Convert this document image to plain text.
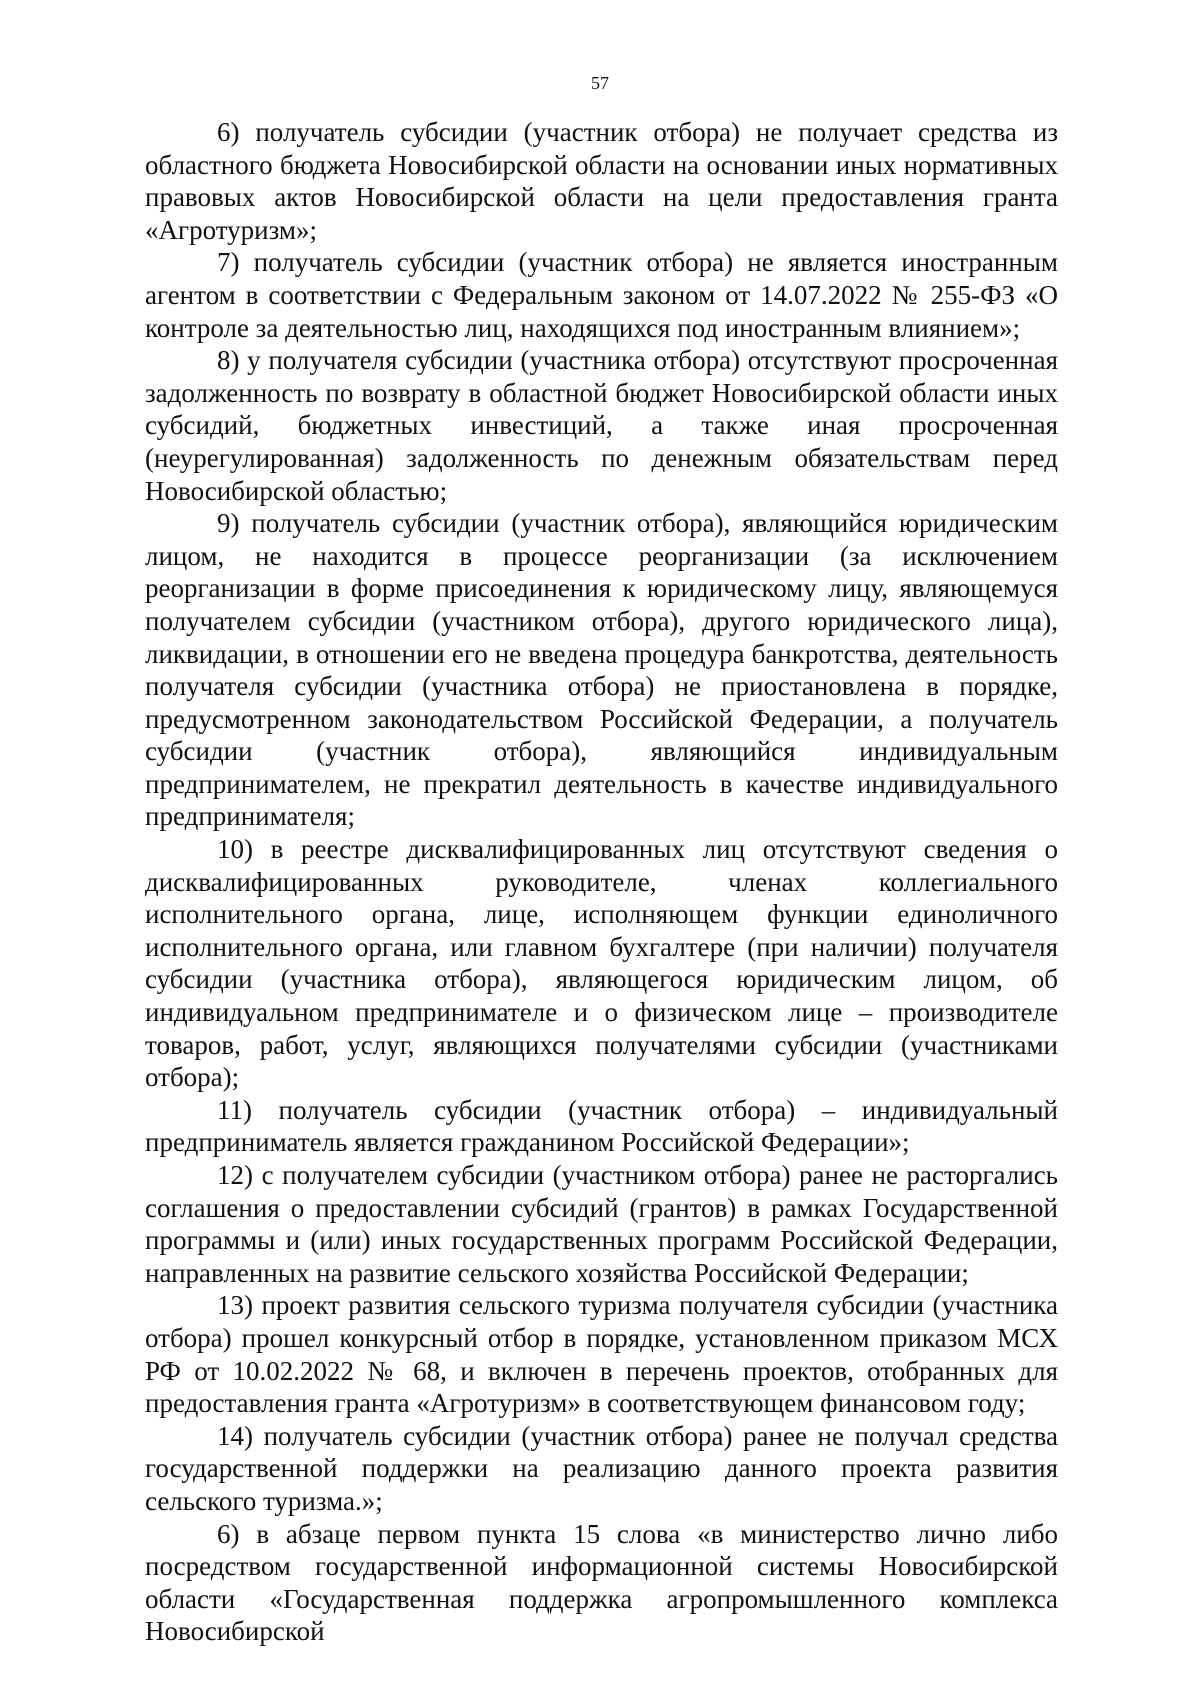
57

6) получатель субсидии (участник отбора) не получает средства из областного бюджета Новосибирской области на основании иных нормативных правовых актов Новосибирской области на цели предоставления гранта «Агротуризм»;

7) получатель субсидии (участник отбора) не является иностранным агентом в соответствии с Федеральным законом от 14.07.2022 № 255-ФЗ «О контроле за деятельностью лиц, находящихся под иностранным влиянием»;

8) у получателя субсидии (участника отбора) отсутствуют просроченная задолженность по возврату в областной бюджет Новосибирской области иных субсидий, бюджетных инвестиций, а также иная просроченная (неурегулированная) задолженность по денежным обязательствам перед Новосибирской областью;

9) получатель субсидии (участник отбора), являющийся юридическим лицом, не находится в процессе реорганизации (за исключением реорганизации в форме присоединения к юридическому лицу, являющемуся получателем субсидии (участником отбора), другого юридического лица), ликвидации, в отношении его не введена процедура банкротства, деятельность получателя субсидии (участника отбора) не приостановлена в порядке, предусмотренном законодательством Российской Федерации, а получатель субсидии (участник отбора), являющийся индивидуальным предпринимателем, не прекратил деятельность в качестве индивидуального предпринимателя;

10) в реестре дисквалифицированных лиц отсутствуют сведения о дисквалифицированных руководителе, членах коллегиального исполнительного органа, лице, исполняющем функции единоличного исполнительного органа, или главном бухгалтере (при наличии) получателя субсидии (участника отбора), являющегося юридическим лицом, об индивидуальном предпринимателе и о физическом лице – производителе товаров, работ, услуг, являющихся получателями субсидии (участниками отбора);

11) получатель субсидии (участник отбора) – индивидуальный предприниматель является гражданином Российской Федерации»;

12) с получателем субсидии (участником отбора) ранее не расторгались соглашения о предоставлении субсидий (грантов) в рамках Государственной программы и (или) иных государственных программ Российской Федерации, направленных на развитие сельского хозяйства Российской Федерации;

13) проект развития сельского туризма получателя субсидии (участника отбора) прошел конкурсный отбор в порядке, установленном приказом МСХ РФ от 10.02.2022 № 68, и включен в перечень проектов, отобранных для предоставления гранта «Агротуризм» в соответствующем финансовом году;

14) получатель субсидии (участник отбора) ранее не получал средства государственной поддержки на реализацию данного проекта развития сельского туризма.»;

6) в абзаце первом пункта 15 слова «в министерство лично либо посредством государственной информационной системы Новосибирской области «Государственная поддержка агропромышленного комплекса Новосибирской
